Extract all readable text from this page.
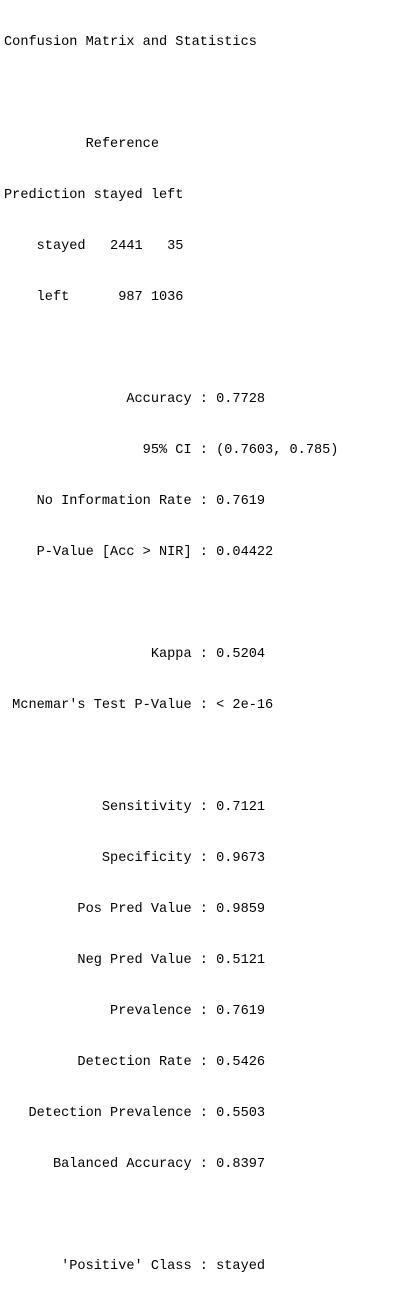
Confusion Matrix and Statistics

Reference

Prediction stayed left

stayed   2441   35

left      987 1036

Accuracy : 0.7728

95% CI : (0.7603, 0.785)

No Information Rate : 0.7619

P-Value [Acc > NIR] : 0.04422

Kappa : 0.5204

Mcnemar's Test P-Value : < 2e-16

Sensitivity : 0.7121

Specificity : 0.9673

Pos Pred Value : 0.9859

Neg Pred Value : 0.5121

Prevalence : 0.7619

Detection Rate : 0.5426

Detection Prevalence : 0.5503

Balanced Accuracy : 0.8397

'Positive' Class : stayed
